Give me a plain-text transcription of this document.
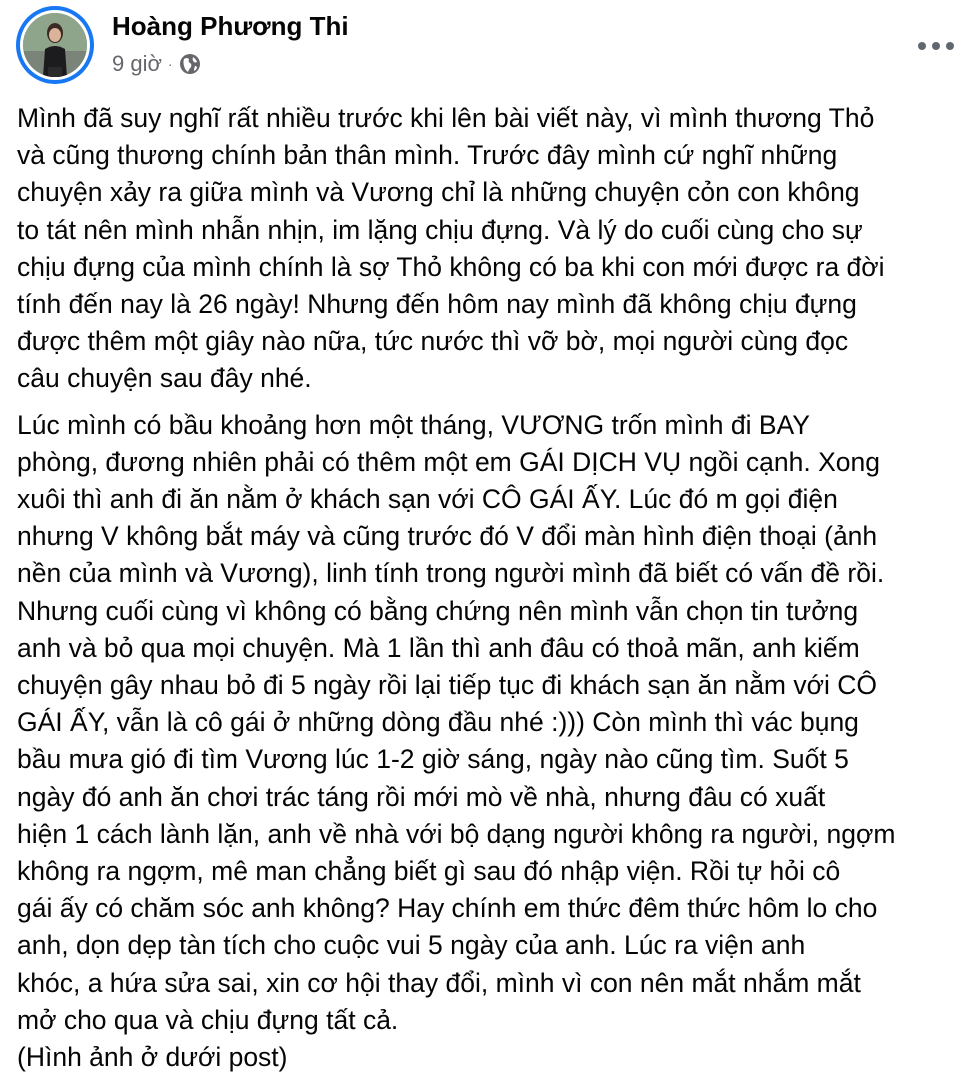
Hoàng Phương Thi
9 giờ ·

Mình đã suy nghĩ rất nhiều trước khi lên bài viết này, vì mình thương Thỏ
và cũng thương chính bản thân mình. Trước đây mình cứ nghĩ những
chuyện xảy ra giữa mình và Vương chỉ là những chuyện cỏn con không
to tát nên mình nhẫn nhịn, im lặng chịu đựng. Và lý do cuối cùng cho sự
chịu đựng của mình chính là sợ Thỏ không có ba khi con mới được ra đời
tính đến nay là 26 ngày! Nhưng đến hôm nay mình đã không chịu đựng
được thêm một giây nào nữa, tức nước thì vỡ bờ, mọi người cùng đọc
câu chuyện sau đây nhé.

Lúc mình có bầu khoảng hơn một tháng, VƯƠNG trốn mình đi BAY
phòng, đương nhiên phải có thêm một em GÁI DỊCH VỤ ngồi cạnh. Xong
xuôi thì anh đi ăn nằm ở khách sạn với CÔ GÁI ẤY. Lúc đó m gọi điện
nhưng V không bắt máy và cũng trước đó V đổi màn hình điện thoại (ảnh
nền của mình và Vương), linh tính trong người mình đã biết có vấn đề rồi.
Nhưng cuối cùng vì không có bằng chứng nên mình vẫn chọn tin tưởng
anh và bỏ qua mọi chuyện. Mà 1 lần thì anh đâu có thoả mãn, anh kiếm
chuyện gây nhau bỏ đi 5 ngày rồi lại tiếp tục đi khách sạn ăn nằm với CÔ
GÁI ẤY, vẫn là cô gái ở những dòng đầu nhé :))) Còn mình thì vác bụng
bầu mưa gió đi tìm Vương lúc 1-2 giờ sáng, ngày nào cũng tìm. Suốt 5
ngày đó anh ăn chơi trác táng rồi mới mò về nhà, nhưng đâu có xuất
hiện 1 cách lành lặn, anh về nhà với bộ dạng người không ra người, ngợm
không ra ngợm, mê man chẳng biết gì sau đó nhập viện. Rồi tự hỏi cô
gái ấy có chăm sóc anh không? Hay chính em thức đêm thức hôm lo cho
anh, dọn dẹp tàn tích cho cuộc vui 5 ngày của anh. Lúc ra viện anh
khóc, a hứa sửa sai, xin cơ hội thay đổi, mình vì con nên mắt nhắm mắt
mở cho qua và chịu đựng tất cả.
(Hình ảnh ở dưới post)
